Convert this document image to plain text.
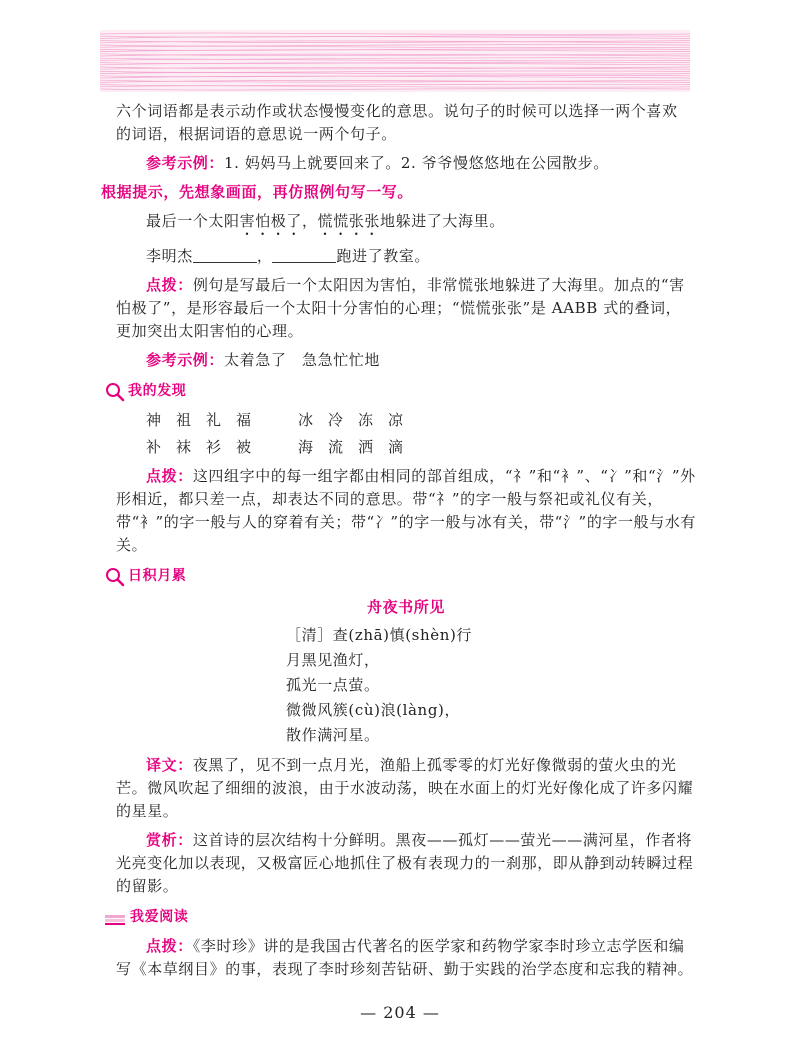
六个词语都是表示动作或状态慢慢变化的意思。说句子的时候可以选择一两个喜欢
的词语，根据词语的意思说一两个句子。

参考示例：1. 妈妈马上就要回来了。2. 爷爷慢悠悠地在公园散步。

根据提示，先想象画面，再仿照例句写一写。

最后一个太阳害怕极了，慌慌张张地躲进了大海里。

李明杰	，	跑进了教室。

点拨：例句是写最后一个太阳因为害怕，非常慌张地躲进了大海里。加点的“害怕极了”，是形容最后一个太阳十分害怕的心理；“慌慌张张”是 AABB 式的叠词，更加突出太阳害怕的心理。

参考示例：太着急了　急急忙忙地

我的发现
神 祖 礼 福	冰 冷 冻 凉
补 袜 衫 被	海 流 洒 滴

点拨：这四组字中的每一组字都由相同的部首组成，“礻”和“衤”、“冫”和“氵”外形相近，都只差一点，却表达不同的意思。带“礻”的字一般与祭祀或礼仪有关，带“衤”的字一般与人的穿着有关；带“冫”的字一般与冰有关，带“氵”的字一般与水有关。

日积月累
舟夜书所见
［清］查(zhā)慎(shèn)行
月黑见渔灯，
孤光一点萤。
微微风簇(cù)浪(làng)，
散作满河星。

译文：夜黑了，见不到一点月光，渔船上孤零零的灯光好像微弱的萤火虫的光芒。微风吹起了细细的波浪，由于水波动荡，映在水面上的灯光好像化成了许多闪耀的星星。

赏析：这首诗的层次结构十分鲜明。黑夜——孤灯——萤光——满河星，作者将光亮变化加以表现，又极富匠心地抓住了极有表现力的一刹那，即从静到动转瞬过程的留影。

我爱阅读

点拨：《李时珍》讲的是我国古代著名的医学家和药物学家李时珍立志学医和编写《本草纲目》的事，表现了李时珍刻苦钻研、勤于实践的治学态度和忘我的精神。

— 204 —
